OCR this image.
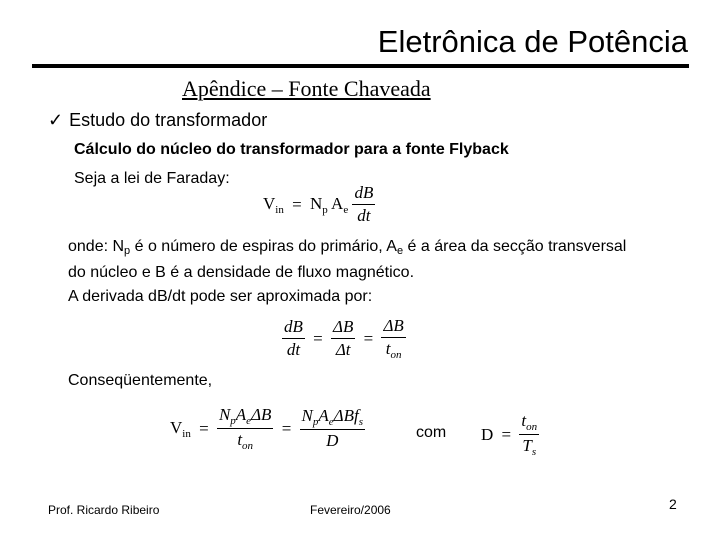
Eletrônica de Potência
Apêndice – Fonte Chaveada
✓ Estudo do transformador
Cálculo do núcleo do transformador para a fonte Flyback
Seja a lei de Faraday:
$V_{in} = N_p$ $A_e \frac{dB}{dt}$
onde: $N_p$ é o número de espiras do primário, $A_e$ é a área da secção transversal do núcleo e B é a densidade de fluxo magnético.
A derivada dB/dt pode ser aproximada por:
$\frac{dB}{dt} = \frac{\Delta B}{\Delta t} = \frac{\Delta B}{t_{on}}$
Conseqüentemente,
$V_{in} = \frac{N_pA_e\Delta B}{t_{on}} = \frac{N_pA_e\Delta Bf_s}{D}$	com $D = \frac{t_{on}}{T_s}$
Prof. Ricardo Ribeiro	Fevereiro/2006	2
